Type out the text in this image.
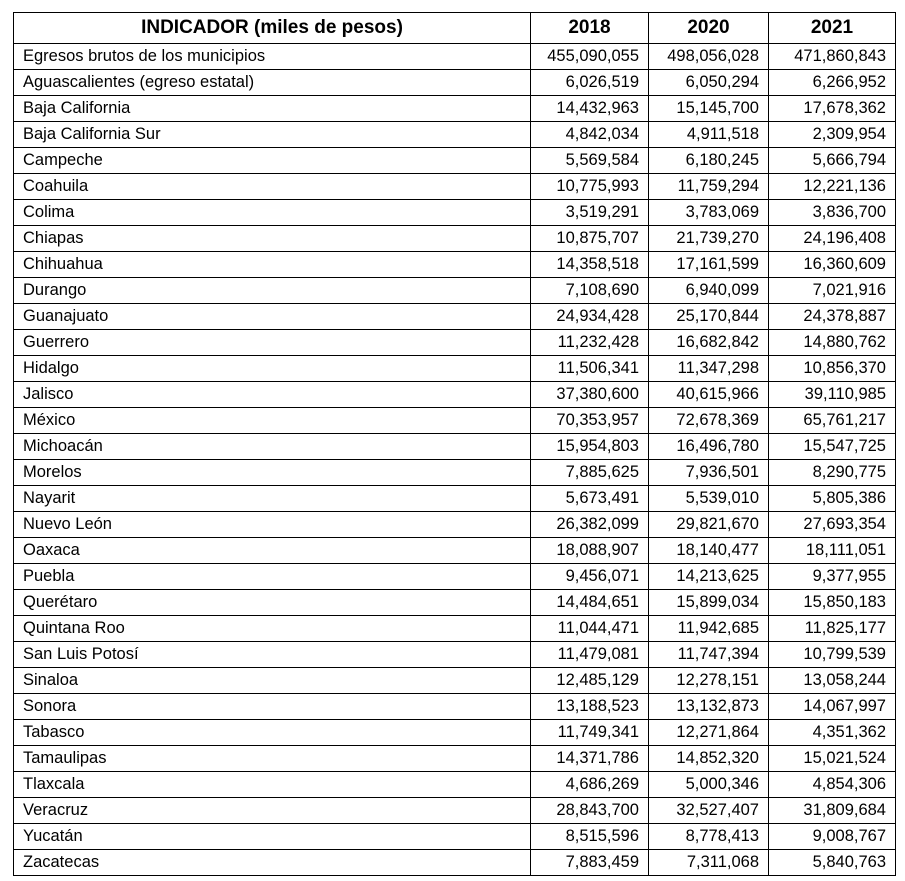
INDICADOR (miles de pesos)	2018	2020	2021
Egresos brutos de los municipios	455,090,055	498,056,028	471,860,843
Aguascalientes (egreso estatal)	6,026,519	6,050,294	6,266,952
Baja California	14,432,963	15,145,700	17,678,362
Baja California Sur	4,842,034	4,911,518	2,309,954
Campeche	5,569,584	6,180,245	5,666,794
Coahuila	10,775,993	11,759,294	12,221,136
Colima	3,519,291	3,783,069	3,836,700
Chiapas	10,875,707	21,739,270	24,196,408
Chihuahua	14,358,518	17,161,599	16,360,609
Durango	7,108,690	6,940,099	7,021,916
Guanajuato	24,934,428	25,170,844	24,378,887
Guerrero	11,232,428	16,682,842	14,880,762
Hidalgo	11,506,341	11,347,298	10,856,370
Jalisco	37,380,600	40,615,966	39,110,985
México	70,353,957	72,678,369	65,761,217
Michoacán	15,954,803	16,496,780	15,547,725
Morelos	7,885,625	7,936,501	8,290,775
Nayarit	5,673,491	5,539,010	5,805,386
Nuevo León	26,382,099	29,821,670	27,693,354
Oaxaca	18,088,907	18,140,477	18,111,051
Puebla	9,456,071	14,213,625	9,377,955
Querétaro	14,484,651	15,899,034	15,850,183
Quintana Roo	11,044,471	11,942,685	11,825,177
San Luis Potosí	11,479,081	11,747,394	10,799,539
Sinaloa	12,485,129	12,278,151	13,058,244
Sonora	13,188,523	13,132,873	14,067,997
Tabasco	11,749,341	12,271,864	4,351,362
Tamaulipas	14,371,786	14,852,320	15,021,524
Tlaxcala	4,686,269	5,000,346	4,854,306
Veracruz	28,843,700	32,527,407	31,809,684
Yucatán	8,515,596	8,778,413	9,008,767
Zacatecas	7,883,459	7,311,068	5,840,763
